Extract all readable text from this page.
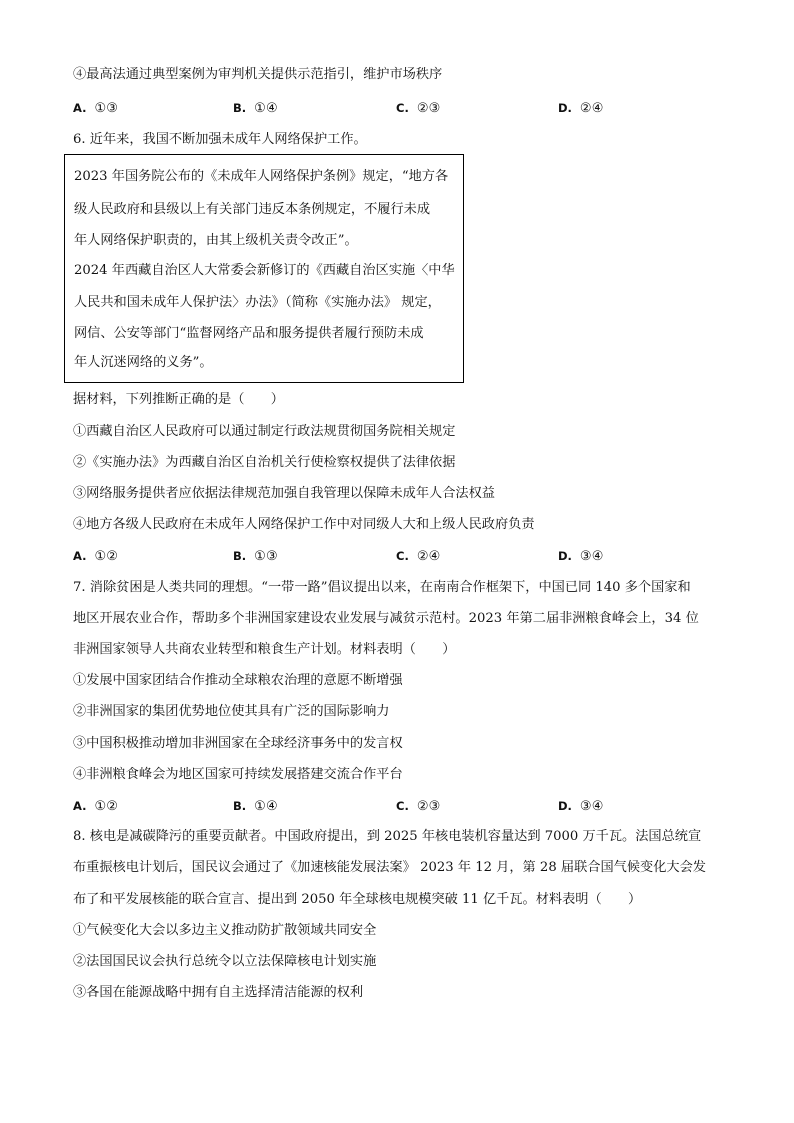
④最高法通过典型案例为审判机关提供示范指引，维护市场秩序
A. ①③	B. ①④	C. ②③	D. ②④
6. 近年来，我国不断加强未成年人网络保护工作。
2023 年国务院公布的《未成年人网络保护条例》规定，“地方各
级人民政府和县级以上有关部门违反本条例规定，不履行未成
年人网络保护职责的，由其上级机关责令改正”。
2024 年西藏自治区人大常委会新修订的《西藏自治区实施〈中华
人民共和国未成年人保护法〉办法》（简称《实施办法》 规定，
网信、公安等部门“监督网络产品和服务提供者履行预防未成
年人沉迷网络的义务”。
据材料，下列推断正确的是（　　）
①西藏自治区人民政府可以通过制定行政法规贯彻国务院相关规定
②《实施办法》为西藏自治区自治机关行使检察权提供了法律依据
③网络服务提供者应依据法律规范加强自我管理以保障未成年人合法权益
④地方各级人民政府在未成年人网络保护工作中对同级人大和上级人民政府负责
A. ①②	B. ①③	C. ②④	D. ③④
7. 消除贫困是人类共同的理想。“一带一路”倡议提出以来，在南南合作框架下，中国已同 140 多个国家和
地区开展农业合作，帮助多个非洲国家建设农业发展与减贫示范村。2023 年第二届非洲粮食峰会上，34 位
非洲国家领导人共商农业转型和粮食生产计划。材料表明（　　）
①发展中国家团结合作推动全球粮农治理的意愿不断增强
②非洲国家的集团优势地位使其具有广泛的国际影响力
③中国积极推动增加非洲国家在全球经济事务中的发言权
④非洲粮食峰会为地区国家可持续发展搭建交流合作平台
A. ①②	B. ①④	C. ②③	D. ③④
8. 核电是减碳降污的重要贡献者。中国政府提出，到 2025 年核电装机容量达到 7000 万千瓦。法国总统宣
布重振核电计划后，国民议会通过了《加速核能发展法案》 2023 年 12 月，第 28 届联合国气候变化大会发
布了和平发展核能的联合宣言、提出到 2050 年全球核电规模突破 11 亿千瓦。材料表明（　　）
①气候变化大会以多边主义推动防扩散领域共同安全
②法国国民议会执行总统令以立法保障核电计划实施
③各国在能源战略中拥有自主选择清洁能源的权利
